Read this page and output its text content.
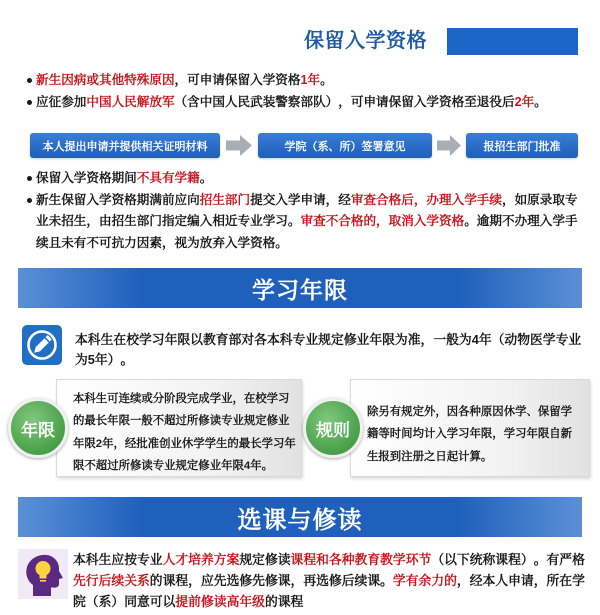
保留入学资格
新生因病或其他特殊原因，可申请保留入学资格1年。
应征参加中国人民解放军（含中国人民武装警察部队），可申请保留入学资格至退役后2年。
本人提出申请并提供相关证明材料	学院（系、所）签署意见	报招生部门批准
保留入学资格期间不具有学籍。
新生保留入学资格期满前应向招生部门提交入学申请，经审查合格后，办理入学手续，如原录取专业未招生，由招生部门指定编入相近专业学习。审查不合格的，取消入学资格。逾期不办理入学手续且未有不可抗力因素，视为放弃入学资格。
学习年限
本科生在校学习年限以教育部对各本科专业规定修业年限为准，一般为4年（动物医学专业为5年）。
本科生可连续或分阶段完成学业，在校学习的最长年限一般不超过所修读专业规定修业年限2年，经批准创业休学学生的最长学习年限不超过所修读专业规定修业年限4年。
年限
除另有规定外，因各种原因休学、保留学籍等时间均计入学习年限，学习年限自新生报到注册之日起计算。
规则
选课与修读
本科生应按专业人才培养方案规定修读课程和各种教育教学环节（以下统称课程）。有严格先行后续关系的课程，应先选修先修课，再选修后续课。学有余力的，经本人申请，所在学院（系）同意可以提前修读高年级的课程
